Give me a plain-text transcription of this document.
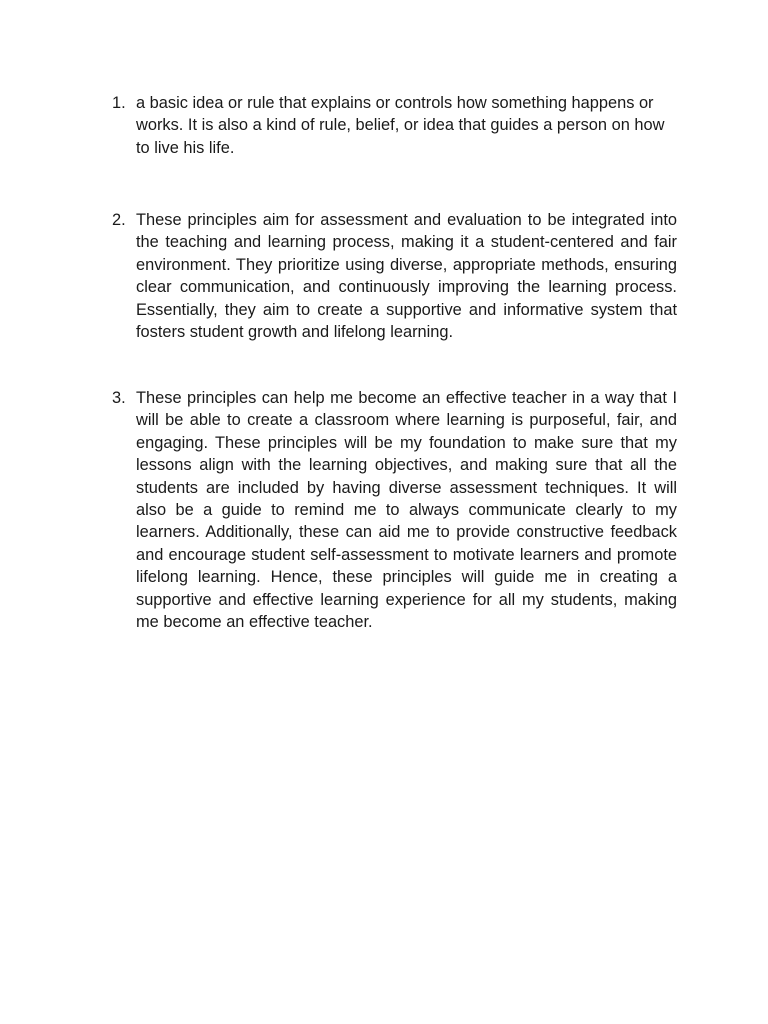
1. a basic idea or rule that explains or controls how something happens or works. It is also a kind of rule, belief, or idea that guides a person on how to live his life.
2. These principles aim for assessment and evaluation to be integrated into the teaching and learning process, making it a student-centered and fair environment. They prioritize using diverse, appropriate methods, ensuring clear communication, and continuously improving the learning process. Essentially, they aim to create a supportive and informative system that fosters student growth and lifelong learning.
3. These principles can help me become an effective teacher in a way that I will be able to create a classroom where learning is purposeful, fair, and engaging. These principles will be my foundation to make sure that my lessons align with the learning objectives, and making sure that all the students are included by having diverse assessment techniques. It will also be a guide to remind me to always communicate clearly to my learners. Additionally, these can aid me to provide constructive feedback and encourage student self-assessment to motivate learners and promote lifelong learning. Hence, these principles will guide me in creating a supportive and effective learning experience for all my students, making me become an effective teacher.
